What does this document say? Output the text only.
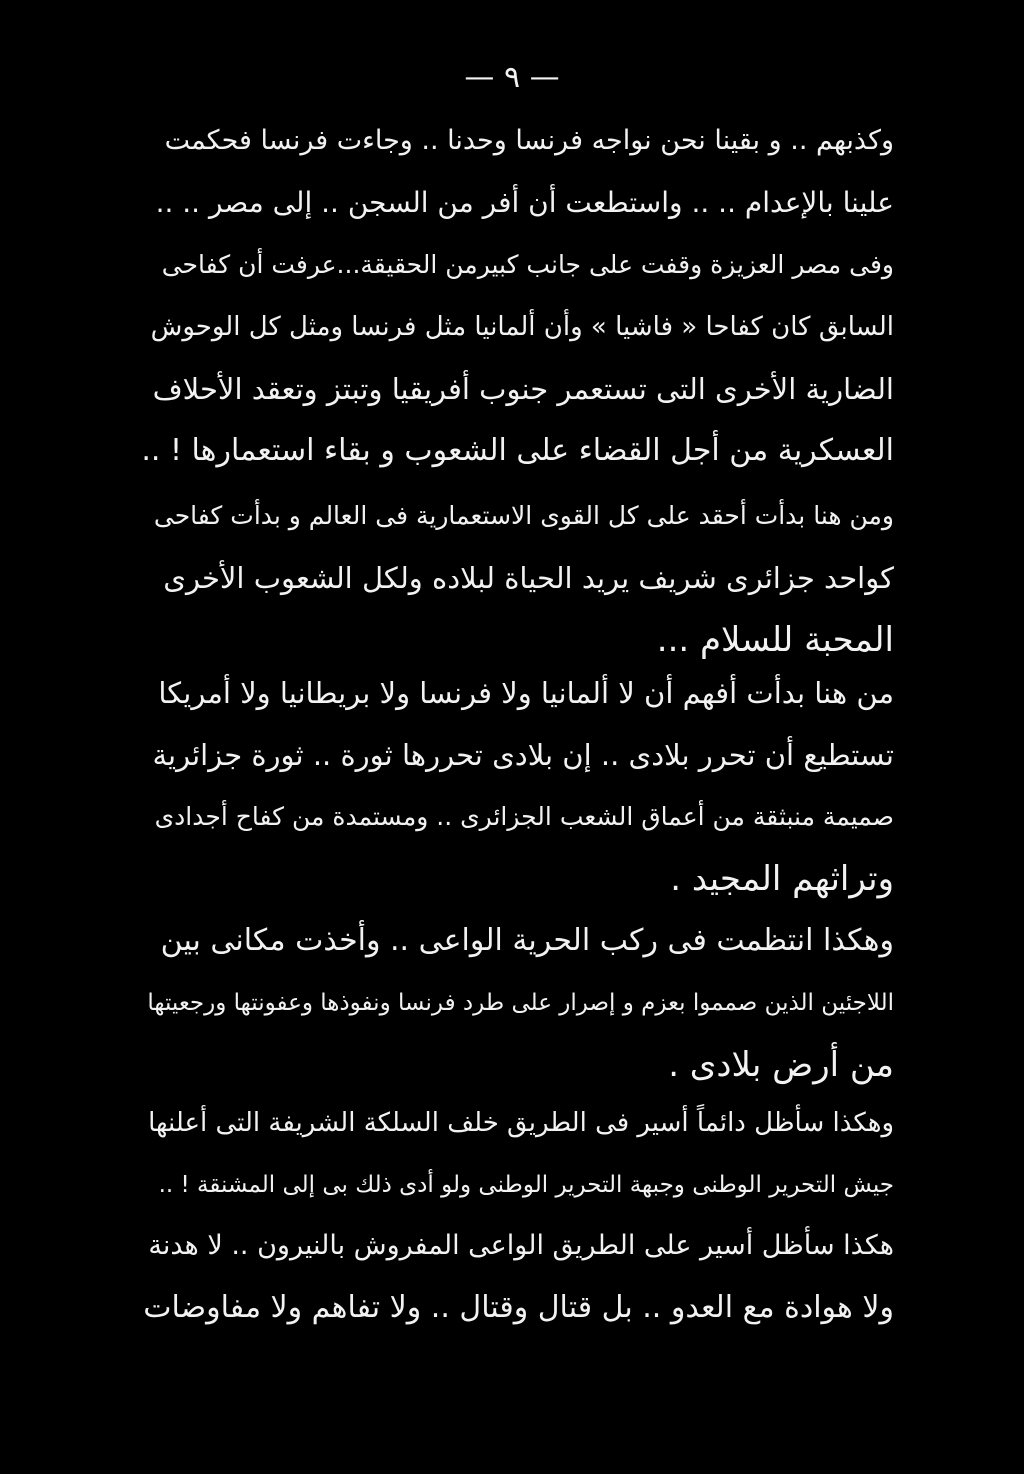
— ٩ —
وكذبهم .. و بقينا نحن نواجه فرنسا وحدنا .. وجاءت فرنسا فحكمت
علينا بالإعدام .. .. واستطعت أن أفر من السجن .. إلى مصر .. ..
وفى مصر العزيزة وقفت على جانب كبيرمن الحقيقة...عرفت أن كفاحى
السابق كان كفاحا « فاشيا » وأن ألمانيا مثل فرنسا ومثل كل الوحوش
الضارية الأخرى التى تستعمر جنوب أفريقيا وتبتز وتعقد الأحلاف
العسكرية من أجل القضاء على الشعوب و بقاء استعمارها ! ..
ومن هنا بدأت أحقد على كل القوى الاستعمارية فى العالم و بدأت كفاحى
كواحد جزائرى شريف يريد الحياة لبلاده ولكل الشعوب الأخرى
المحبة للسلام ...
من هنا بدأت أفهم أن لا ألمانيا ولا فرنسا ولا بريطانيا ولا أمريكا
تستطيع أن تحرر بلادى .. إن بلادى تحررها ثورة .. ثورة جزائرية
صميمة منبثقة من أعماق الشعب الجزائرى .. ومستمدة من كفاح أجدادى
وتراثهم المجيد .
وهكذا انتظمت فى ركب الحرية الواعى .. وأخذت مكانى بين
اللاجئين الذين صمموا بعزم و إصرار على طرد فرنسا ونفوذها وعفونتها ورجعيتها
من أرض بلادى .
وهكذا سأظل دائماً أسير فى الطريق خلف السلكة الشريفة التى أعلنها
جيش التحرير الوطنى وجبهة التحرير الوطنى ولو أدى ذلك بى إلى المشنقة ! ..
هكذا سأظل أسير على الطريق الواعى المفروش بالنيرون .. لا هدنة
ولا هوادة مع العدو .. بل قتال وقتال .. ولا تفاهم ولا مفاوضات
